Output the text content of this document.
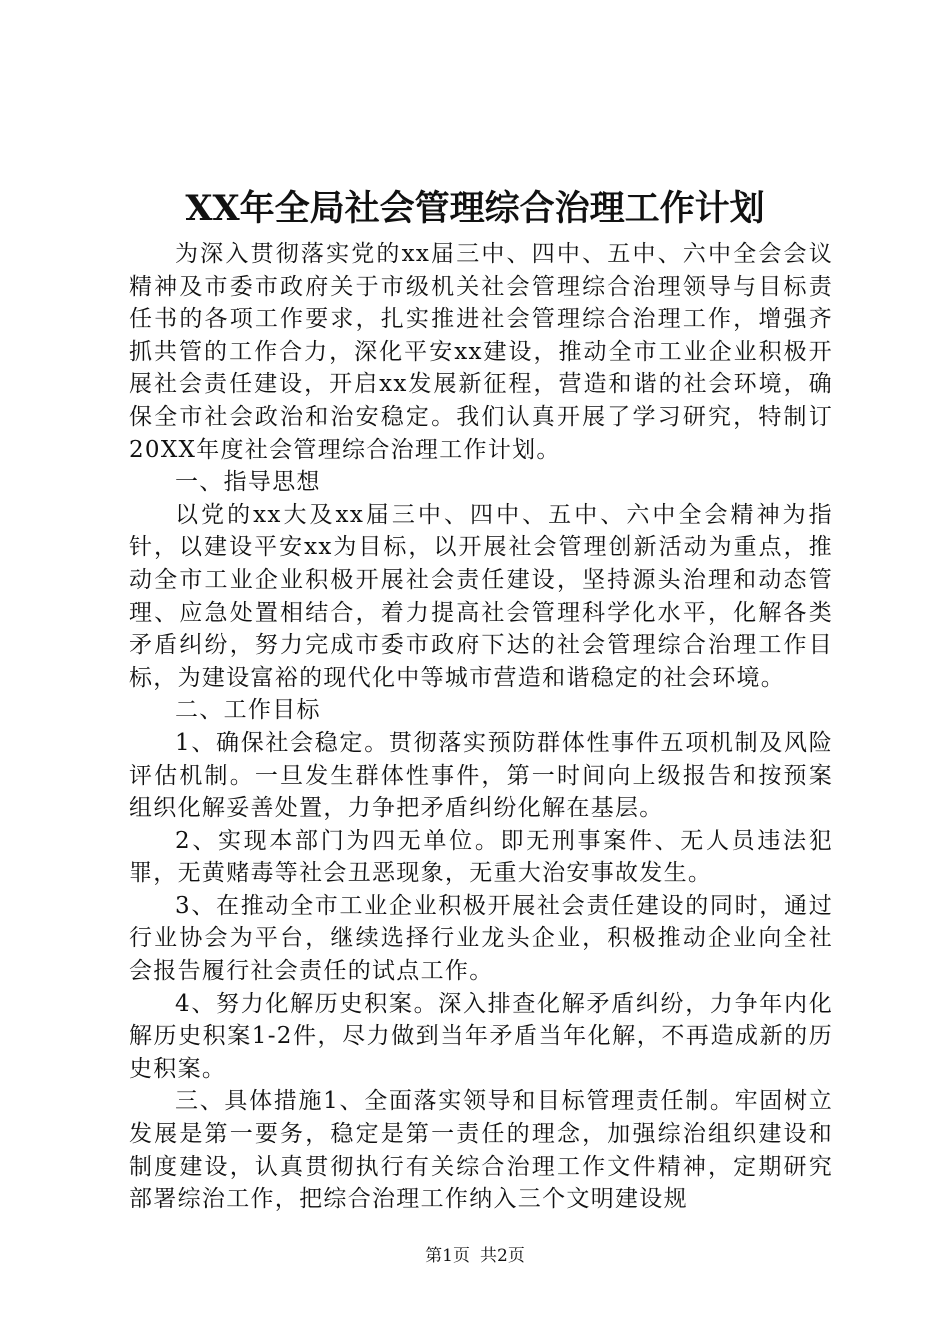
XX年全局社会管理综合治理工作计划

为深入贯彻落实党的xx届三中、四中、五中、六中全会会议精神及市委市政府关于市级机关社会管理综合治理领导与目标责任书的各项工作要求，扎实推进社会管理综合治理工作，增强齐抓共管的工作合力，深化平安xx建设，推动全市工业企业积极开展社会责任建设，开启xx发展新征程，营造和谐的社会环境，确保全市社会政治和治安稳定。我们认真开展了学习研究，特制订20XX年度社会管理综合治理工作计划。

一、指导思想

以党的xx大及xx届三中、四中、五中、六中全会精神为指针，以建设平安xx为目标，以开展社会管理创新活动为重点，推动全市工业企业积极开展社会责任建设，坚持源头治理和动态管理、应急处置相结合，着力提高社会管理科学化水平，化解各类矛盾纠纷，努力完成市委市政府下达的社会管理综合治理工作目标，为建设富裕的现代化中等城市营造和谐稳定的社会环境。

二、工作目标

1、确保社会稳定。贯彻落实预防群体性事件五项机制及风险评估机制。一旦发生群体性事件，第一时间向上级报告和按预案组织化解妥善处置，力争把矛盾纠纷化解在基层。

2、实现本部门为四无单位。即无刑事案件、无人员违法犯罪，无黄赌毒等社会丑恶现象，无重大治安事故发生。

3、在推动全市工业企业积极开展社会责任建设的同时，通过行业协会为平台，继续选择行业龙头企业，积极推动企业向全社会报告履行社会责任的试点工作。

4、努力化解历史积案。深入排查化解矛盾纠纷，力争年内化解历史积案1-2件，尽力做到当年矛盾当年化解，不再造成新的历史积案。

三、具体措施1、全面落实领导和目标管理责任制。牢固树立发展是第一要务，稳定是第一责任的理念，加强综治组织建设和制度建设，认真贯彻执行有关综合治理工作文件精神，定期研究部署综治工作，把综合治理工作纳入三个文明建设规

第1页 共2页
